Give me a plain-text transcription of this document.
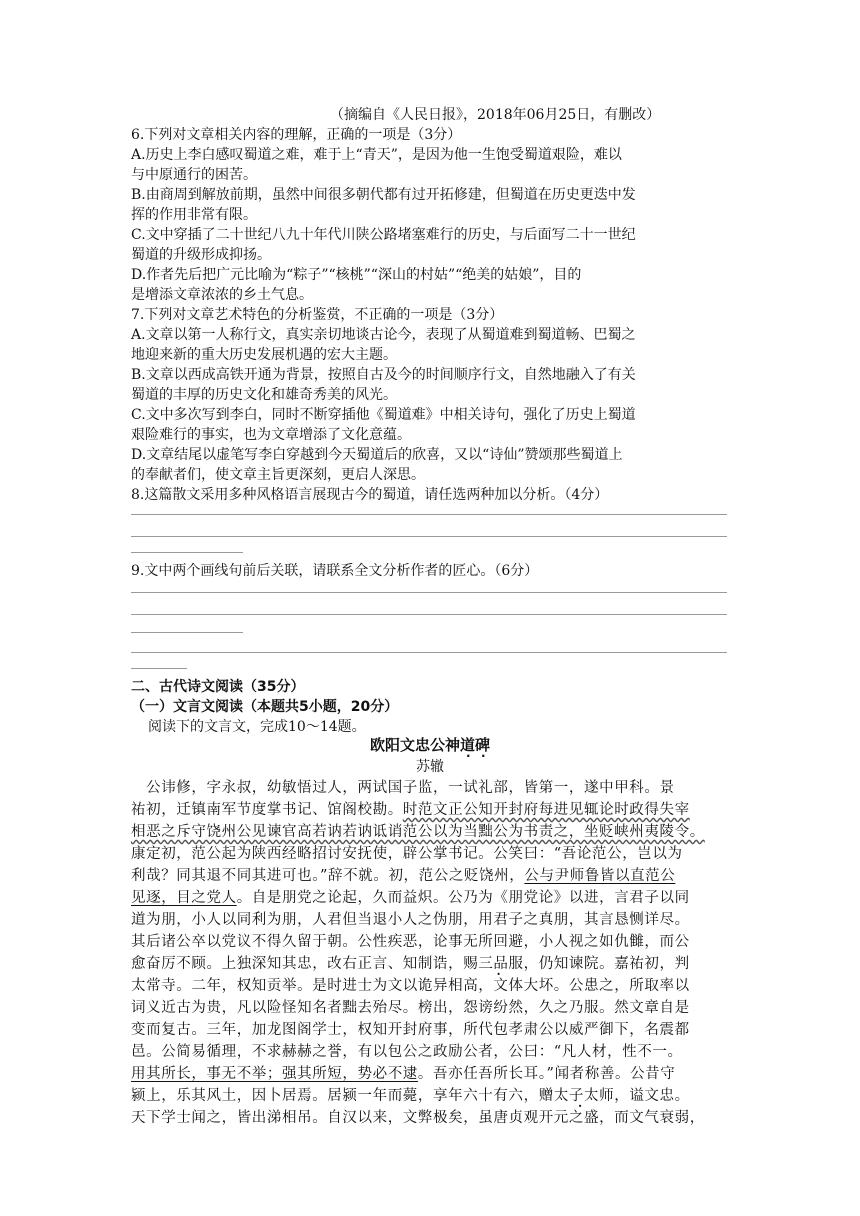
（摘编自《人民日报》，2018年06月25日，有删改）
6.下列对文章相关内容的理解，正确的一项是（3分）
A.历史上李白感叹蜀道之难，难于上“青天”，是因为他一生饱受蜀道艰险，难以
与中原通行的困苦。
B.由商周到解放前期，虽然中间很多朝代都有过开拓修建，但蜀道在历史更迭中发
挥的作用非常有限。
C.文中穿插了二十世纪八九十年代川陕公路堵塞难行的历史，与后面写二十一世纪
蜀道的升级形成抑扬。
D.作者先后把广元比喻为“粽子”“核桃”“深山的村姑”“绝美的姑娘”，目的
是增添文章浓浓的乡土气息。
7.下列对文章艺术特色的分析鉴赏，不正确的一项是（3分）
A.文章以第一人称行文，真实亲切地谈古论今，表现了从蜀道难到蜀道畅、巴蜀之
地迎来新的重大历史发展机遇的宏大主题。
B.文章以西成高铁开通为背景，按照自古及今的时间顺序行文，自然地融入了有关
蜀道的丰厚的历史文化和雄奇秀美的风光。
C.文中多次写到李白，同时不断穿插他《蜀道难》中相关诗句，强化了历史上蜀道
艰险难行的事实，也为文章增添了文化意蕴。
D.文章结尾以虚笔写李白穿越到今天蜀道后的欣喜，又以“诗仙”赞颂那些蜀道上
的奉献者们，使文章主旨更深刻，更启人深思。
8.这篇散文采用多种风格语言展现古今的蜀道，请任选两种加以分析。（4分）
9.文中两个画线句前后关联，请联系全文分析作者的匠心。（6分）
二、古代诗文阅读（35分）
（一）文言文阅读（本题共5小题，20分）
阅读下的文言文，完成10～14题。
欧阳文忠公神道碑
苏辙
　公讳修，字永叔，幼敏悟过人，两试国子监，一试礼部，皆第一，遂中甲科。景
祐初，迁镇南军节度掌书记、馆阁校勘。时范文正公知开封府每进见辄论时政得失宰
相恶之斥守饶州公见谏官高若讷若讷诋诮范公以为当黜公为书责之，坐贬峡州夷陵令。
康定初，范公起为陕西经略招讨安抚使，辟公掌书记。公笑曰：“吾论范公，岂以为
利哉？同其退不同其进可也。”辞不就。初，范公之贬饶州，公与尹师鲁皆以直范公
见逐，目之党人。自是朋党之论起，久而益炽。公乃为《朋党论》以进，言君子以同
道为朋，小人以同利为朋，人君但当退小人之伪朋，用君子之真朋，其言恳恻详尽。
其后诸公卒以党议不得久留于朝。公性疾恶，论事无所回避，小人视之如仇雠，而公
愈奋厉不顾。上独深知其忠，改右正言、知制诰，赐三品服，仍知谏院。嘉祐初，判
太常寺。二年，权知贡举。是时进士为文以诡异相高，文体大坏。公患之，所取率以
词义近古为贵，凡以险怪知名者黜去殆尽。榜出，怨谤纷然，久之乃服。然文章自是
变而复古。三年，加龙图阁学士，权知开封府事，所代包孝肃公以威严御下，名震都
邑。公简易循理，不求赫赫之誉，有以包公之政励公者，公曰：“凡人材，性不一。
用其所长，事无不举；强其所短，势必不逮。吾亦任吾所长耳。”闻者称善。公昔守
颍上，乐其风土，因卜居焉。居颍一年而薨，享年六十有六，赠太子太师，谥文忠。
天下学士闻之，皆出涕相吊。自汉以来，文弊极矣，虽唐贞观开元之盛，而文气衰弱，
